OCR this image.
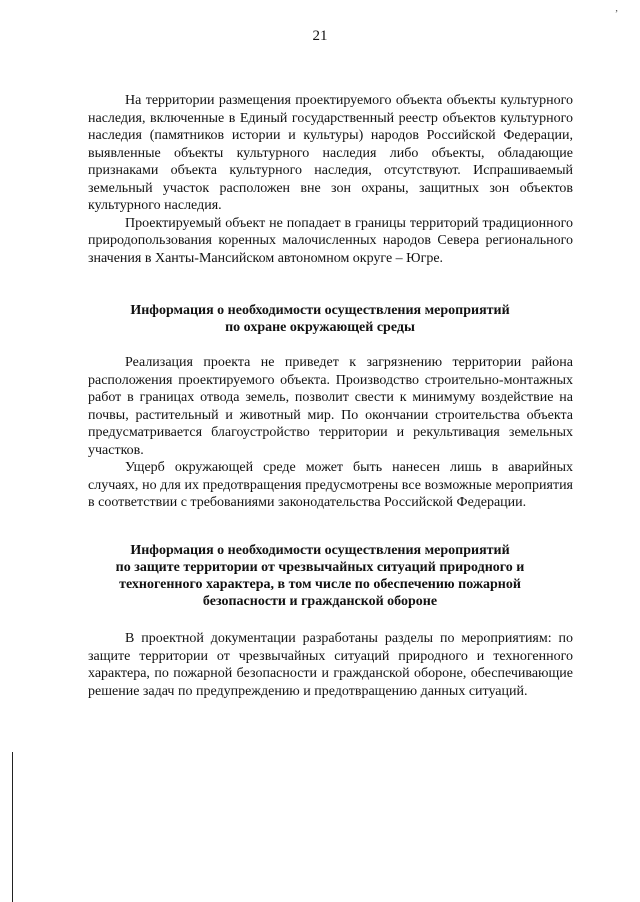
,
21

На территории размещения проектируемого объекта объекты культурного наследия, включенные в Единый государственный реестр объектов культурного наследия (памятников истории и культуры) народов Российской Федерации, выявленные объекты культурного наследия либо объекты, обладающие признаками объекта культурного наследия, отсутствуют. Испрашиваемый земельный участок расположен вне зон охраны, защитных зон объектов культурного наследия.

Проектируемый объект не попадает в границы территорий традиционного природопользования коренных малочисленных народов Севера регионального значения в Ханты-Мансийском автономном округе – Югре.

Информация о необходимости осуществления мероприятий
по охране окружающей среды

Реализация проекта не приведет к загрязнению территории района расположения проектируемого объекта. Производство строительно-монтажных работ в границах отвода земель, позволит свести к минимуму воздействие на почвы, растительный и животный мир. По окончании строительства объекта предусматривается благоустройство территории и рекультивация земельных участков.

Ущерб окружающей среде может быть нанесен лишь в аварийных случаях, но для их предотвращения предусмотрены все возможные мероприятия в соответствии с требованиями законодательства Российской Федерации.

Информация о необходимости осуществления мероприятий
по защите территории от чрезвычайных ситуаций природного и
техногенного характера, в том числе по обеспечению пожарной
безопасности и гражданской обороне

В проектной документации разработаны разделы по мероприятиям: по защите территории от чрезвычайных ситуаций природного и техногенного характера, по пожарной безопасности и гражданской обороне, обеспечивающие решение задач по предупреждению и предотвращению данных ситуаций.
